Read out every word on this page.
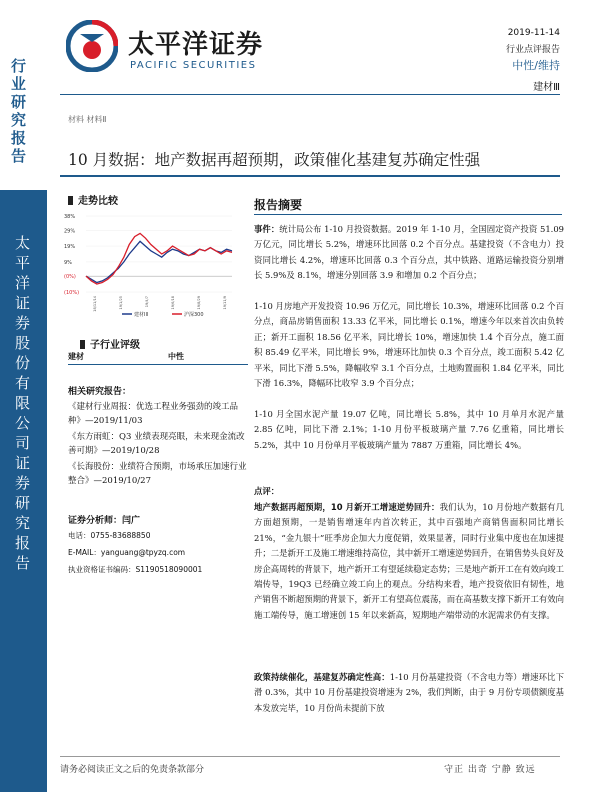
行业研究报告
太平洋证券股份有限公司证券研究报告
太平洋证券
PACIFIC SECURITIES
2019-11-14
行业点评报告
中性/维持
建材Ⅲ
材料 材料Ⅱ
10 月数据：地产数据再超预期，政策催化基建复苏确定性强
走势比较
38%
29%
19%
9%
(0%)
(10%)
18/11/14	19/1/25	19/4/7	19/6/18	19/8/29	19/11/9
建材III	沪深300
子行业评级
建材	中性
相关研究报告：
《建材行业周报：优选工程业务强劲的竣工品种》—2019/11/03
《东方雨虹：Q3 业绩表现亮眼，未来现金流改善可期》—2019/10/28
《长海股份：业绩符合预期，市场承压加速行业整合》—2019/10/27
证券分析师：闫广
电话：0755-83688850
E-MAIL：yanguang@tpyzq.com
执业资格证书编码：S1190518090001
报告摘要
事件：统计局公布 1-10 月投资数据。2019 年 1-10 月，全国固定资产投资 51.09 万亿元，同比增长 5.2%，增速环比回落 0.2 个百分点。基建投资（不含电力）投资同比增长 4.2%，增速环比回落 0.3 个百分点，其中铁路、道路运输投资分别增长 5.9%及 8.1%，增速分别回落 3.9 和增加 0.2 个百分点；
1-10 月房地产开发投资 10.96 万亿元，同比增长 10.3%，增速环比回落 0.2 个百分点，商品房销售面积 13.33 亿平米，同比增长 0.1%，增速今年以来首次由负转正；新开工面积 18.56 亿平米，同比增长 10%，增速加快 1.4 个百分点，施工面积 85.49 亿平米，同比增长 9%，增速环比加快 0.3 个百分点，竣工面积 5.42 亿平米，同比下滑 5.5%，降幅收窄 3.1 个百分点，土地购置面积 1.84 亿平米，同比下滑 16.3%，降幅环比收窄 3.9 个百分点；
1-10 月全国水泥产量 19.07 亿吨，同比增长 5.8%，其中 10 月单月水泥产量 2.85 亿吨，同比下滑 2.1%；1-10 月份平板玻璃产量 7.76 亿重箱，同比增长 5.2%，其中 10 月份单月平板玻璃产量为 7887 万重箱，同比增长 4%。
点评：
地产数据再超预期，10 月新开工增速逆势回升：我们认为，10 月份地产数据有几方面超预期，一是销售增速年内首次转正，其中百强地产商销售面积同比增长 21%，“金九银十”旺季房企加大力度促销，效果显著，同时行业集中度也在加速提升；二是新开工及施工增速维持高位，其中新开工增速逆势回升，在销售势头良好及房企高周转的背景下，地产新开工有望延续稳定态势；三是地产新开工在有效向竣工端传导，19Q3 已经确立竣工向上的观点。分结构来看，地产投资依旧有韧性，地产销售不断超预期的背景下，新开工有望高位震荡，而在高基数支撑下新开工有效向施工端传导，施工增速创 15 年以来新高，短期地产端带动的水泥需求仍有支撑。
政策持续催化，基建复苏确定性高：1-10 月份基建投资（不含电力等）增速环比下滑 0.3%，其中 10 月份基建投资增速为 2%，我们判断，由于 9 月份专项债额度基本发放完毕，10 月份尚未提前下放
请务必阅读正文之后的免责条款部分	守正 出奇 宁静 致远
